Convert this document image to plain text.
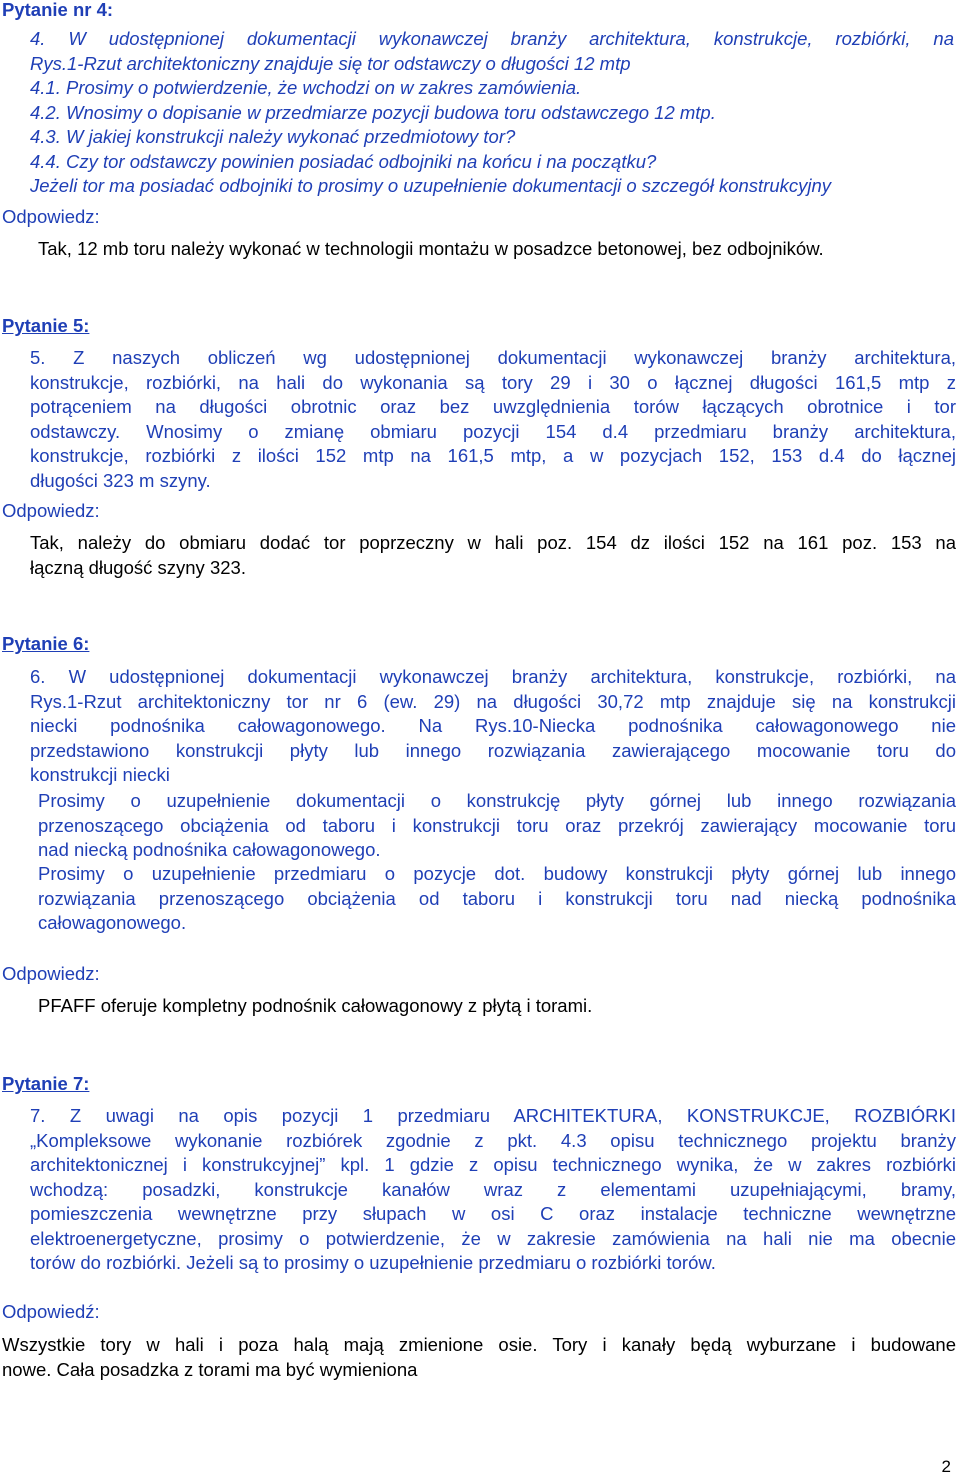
Pytanie nr 4:
4. W udostępnionej dokumentacji wykonawczej branży architektura, konstrukcje, rozbiórki, na
Rys.1-Rzut architektoniczny znajduje się tor odstawczy o długości 12 mtp
4.1. Prosimy o potwierdzenie, że wchodzi on w zakres zamówienia.
4.2. Wnosimy o dopisanie w przedmiarze pozycji budowa toru odstawczego 12 mtp.
4.3. W jakiej konstrukcji należy wykonać przedmiotowy tor?
4.4. Czy tor odstawczy powinien posiadać odbojniki na końcu i na początku?
Jeżeli tor ma posiadać odbojniki to prosimy o uzupełnienie dokumentacji o szczegół konstrukcyjny
Odpowiedz:
Tak, 12 mb toru należy wykonać w technologii montażu w posadzce betonowej, bez odbojników.
Pytanie 5:
5. Z naszych obliczeń wg udostępnionej dokumentacji wykonawczej branży architektura,
konstrukcje, rozbiórki, na hali do wykonania są tory 29 i 30 o łącznej długości 161,5 mtp z
potrąceniem na długości obrotnic oraz bez uwzględnienia torów łączących obrotnice i tor
odstawczy. Wnosimy o zmianę obmiaru pozycji 154 d.4 przedmiaru branży architektura,
konstrukcje, rozbiórki z ilości 152 mtp na 161,5 mtp, a w pozycjach 152, 153 d.4 do łącznej
długości 323 m szyny.
Odpowiedz:
Tak, należy do obmiaru dodać tor poprzeczny w hali poz. 154 dz ilości 152 na 161 poz. 153 na
łączną długość szyny 323.
Pytanie 6:
6. W udostępnionej dokumentacji wykonawczej branży architektura, konstrukcje, rozbiórki, na
Rys.1-Rzut architektoniczny tor nr 6 (ew. 29) na długości 30,72 mtp znajduje się na konstrukcji
niecki podnośnika całowagonowego. Na Rys.10-Niecka podnośnika całowagonowego nie
przedstawiono konstrukcji płyty lub innego rozwiązania zawierającego mocowanie toru do
konstrukcji niecki
Prosimy o uzupełnienie dokumentacji o konstrukcję płyty górnej lub innego rozwiązania
przenoszącego obciążenia od taboru i konstrukcji toru oraz przekrój zawierający mocowanie toru
nad niecką podnośnika całowagonowego.
Prosimy o uzupełnienie przedmiaru o pozycje dot. budowy konstrukcji płyty górnej lub innego
rozwiązania przenoszącego obciążenia od taboru i konstrukcji toru nad niecką podnośnika
całowagonowego.
Odpowiedz:
PFAFF oferuje kompletny podnośnik całowagonowy z płytą i torami.
Pytanie 7:
7. Z uwagi na opis pozycji 1 przedmiaru ARCHITEKTURA, KONSTRUKCJE, ROZBIÓRKI
„Kompleksowe wykonanie rozbiórek zgodnie z pkt. 4.3 opisu technicznego projektu branży
architektonicznej i konstrukcyjnej” kpl. 1 gdzie z opisu technicznego wynika, że w zakres rozbiórki
wchodzą: posadzki, konstrukcje kanałów wraz z elementami uzupełniającymi, bramy,
pomieszczenia wewnętrzne przy słupach w osi C oraz instalacje techniczne wewnętrzne
elektroenergetyczne, prosimy o potwierdzenie, że w zakresie zamówienia na hali nie ma obecnie
torów do rozbiórki. Jeżeli są to prosimy o uzupełnienie przedmiaru o rozbiórki torów.
Odpowiedź:
Wszystkie tory w hali i poza halą mają zmienione osie. Tory i kanały będą wyburzane i budowane
nowe. Cała posadzka z torami ma być wymieniona
2
